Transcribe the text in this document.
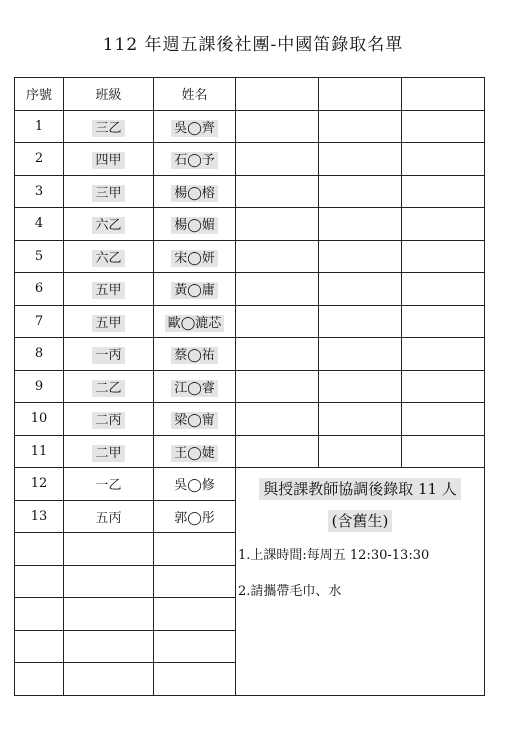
112 年週五課後社團-中國笛錄取名單
序號	班級	姓名			
1	三乙	吳◯齊			
2	四甲	石◯予			
3	三甲	楊◯榕			
4	六乙	楊◯媚			
5	六乙	宋◯妍			
6	五甲	黃◯庸			
7	五甲	歐◯漉芯			
8	一丙	蔡◯祐			
9	二乙	江◯睿			
10	二丙	梁◯甯			
11	二甲	王◯婕			
12	一乙	吳◯修	與授課教師協調後錄取 11 人
(含舊生)
1.上課時間:每周五 12:30-13:30
2.請攜帶毛巾、水		

13	五丙	郭◯彤			
